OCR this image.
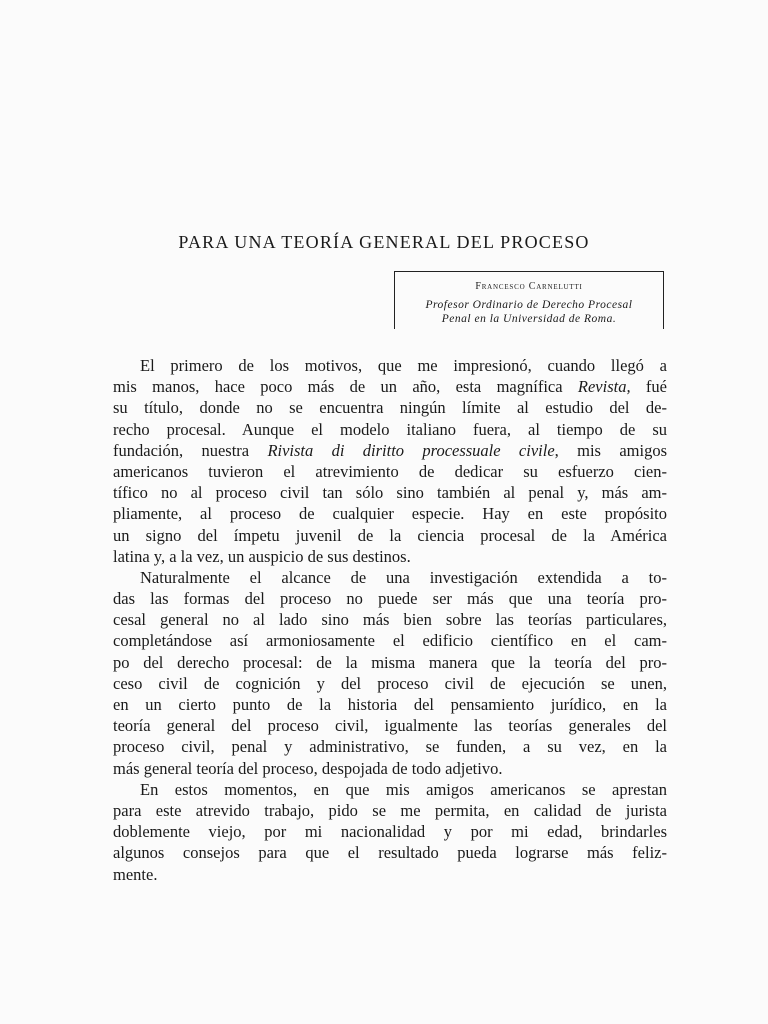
PARA UNA TEORÍA GENERAL DEL PROCESO
Francesco Carnelutti
Profesor Ordinario de Derecho Procesal
Penal en la Universidad de Roma.
El primero de los motivos, que me impresionó, cuando llegó a
mis manos, hace poco más de un año, esta magnífica Revista, fué
su título, donde no se encuentra ningún límite al estudio del de-
recho procesal. Aunque el modelo italiano fuera, al tiempo de su
fundación, nuestra Rivista di diritto processuale civile, mis amigos
americanos tuvieron el atrevimiento de dedicar su esfuerzo cien-
tífico no al proceso civil tan sólo sino también al penal y, más am-
pliamente, al proceso de cualquier especie. Hay en este propósito
un signo del ímpetu juvenil de la ciencia procesal de la América
latina y, a la vez, un auspicio de sus destinos.
Naturalmente el alcance de una investigación extendida a to-
das las formas del proceso no puede ser más que una teoría pro-
cesal general no al lado sino más bien sobre las teorías particulares,
completándose así armoniosamente el edificio científico en el cam-
po del derecho procesal: de la misma manera que la teoría del pro-
ceso civil de cognición y del proceso civil de ejecución se unen,
en un cierto punto de la historia del pensamiento jurídico, en la
teoría general del proceso civil, igualmente las teorías generales del
proceso civil, penal y administrativo, se funden, a su vez, en la
más general teoría del proceso, despojada de todo adjetivo.
En estos momentos, en que mis amigos americanos se aprestan
para este atrevido trabajo, pido se me permita, en calidad de jurista
doblemente viejo, por mi nacionalidad y por mi edad, brindarles
algunos consejos para que el resultado pueda lograrse más feliz-
mente.
